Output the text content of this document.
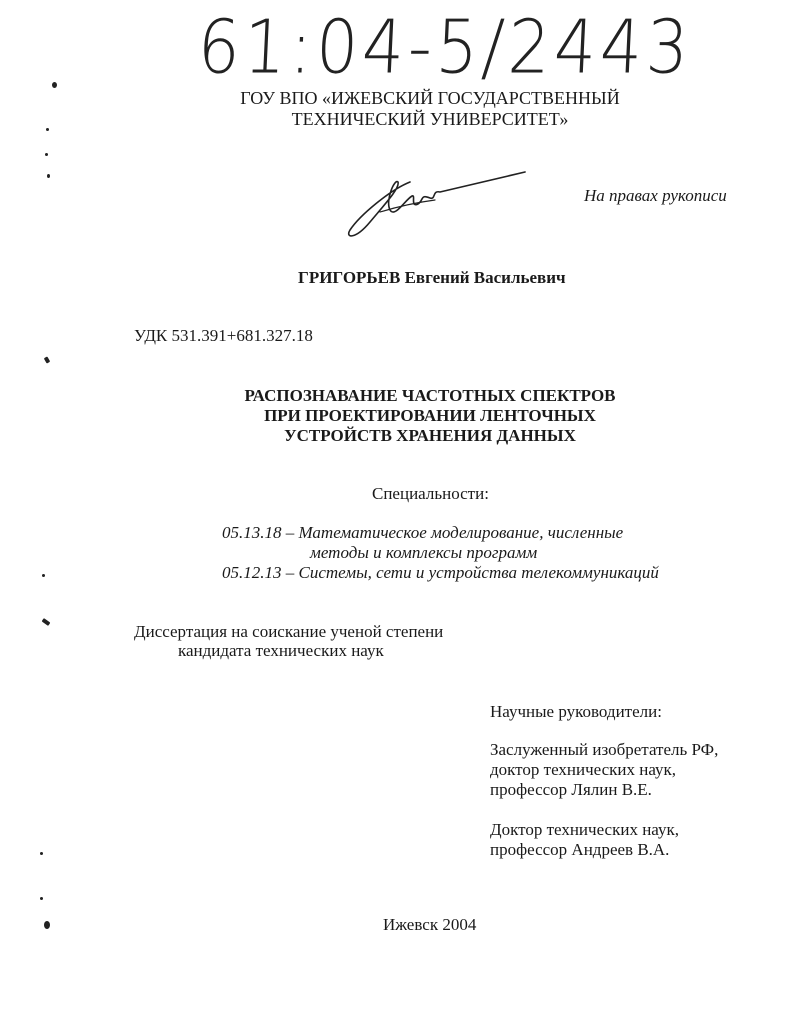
61:04-5/2443
ГОУ ВПО «ИЖЕВСКИЙ ГОСУДАРСТВЕННЫЙ
ТЕХНИЧЕСКИЙ УНИВЕРСИТЕТ»
На правах рукописи
ГРИГОРЬЕВ Евгений Васильевич
УДК 531.391+681.327.18
РАСПОЗНАВАНИЕ ЧАСТОТНЫХ СПЕКТРОВ
ПРИ ПРОЕКТИРОВАНИИ ЛЕНТОЧНЫХ
УСТРОЙСТВ ХРАНЕНИЯ ДАННЫХ
Специальности:
05.13.18 – Математическое моделирование, численные
методы и комплексы программ
05.12.13 – Системы, сети и устройства телекоммуникаций
Диссертация на соискание ученой степени
кандидата технических наук
Научные руководители:
Заслуженный изобретатель РФ,
доктор технических наук,
профессор Лялин В.Е.
Доктор технических наук,
профессор Андреев В.А.
Ижевск 2004
